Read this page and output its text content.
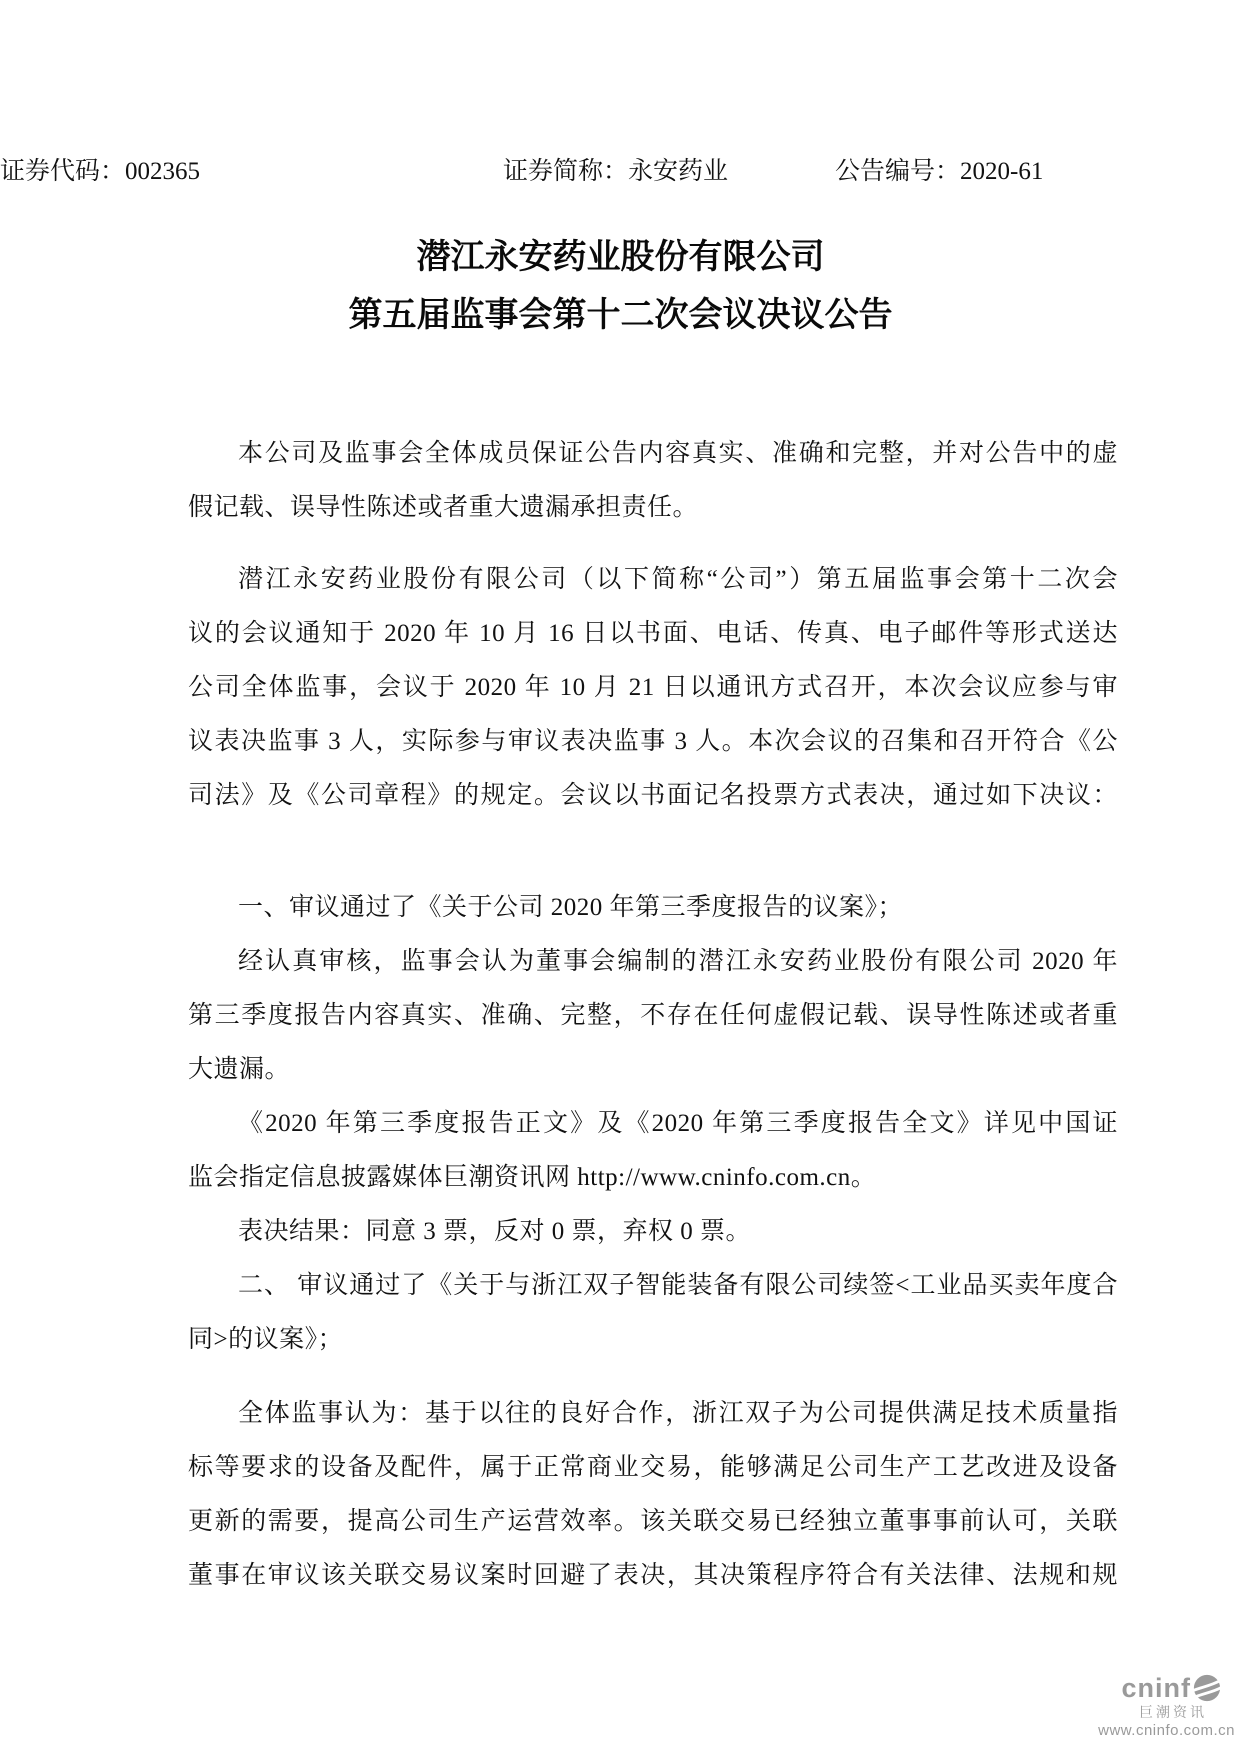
证券代码：002365	证券简称：永安药业	公告编号：2020-61
潜江永安药业股份有限公司
第五届监事会第十二次会议决议公告
本公司及监事会全体成员保证公告内容真实、准确和完整，并对公告中的虚
假记载、误导性陈述或者重大遗漏承担责任。
潜江永安药业股份有限公司（以下简称“公司”）第五届监事会第十二次会
议的会议通知于 2020 年 10 月 16 日以书面、电话、传真、电子邮件等形式送达
公司全体监事，会议于 2020 年 10 月 21 日以通讯方式召开，本次会议应参与审
议表决监事 3 人，实际参与审议表决监事 3 人。本次会议的召集和召开符合《公
司法》及《公司章程》的规定。会议以书面记名投票方式表决，通过如下决议：
一、审议通过了《关于公司 2020 年第三季度报告的议案》；
经认真审核，监事会认为董事会编制的潜江永安药业股份有限公司 2020 年
第三季度报告内容真实、准确、完整，不存在任何虚假记载、误导性陈述或者重
大遗漏。
《2020 年第三季度报告正文》及《2020 年第三季度报告全文》详见中国证
监会指定信息披露媒体巨潮资讯网 http://www.cninfo.com.cn。
表决结果：同意 3 票，反对 0 票，弃权 0 票。
二、 审议通过了《关于与浙江双子智能装备有限公司续签<工业品买卖年度合
同>的议案》；
全体监事认为：基于以往的良好合作，浙江双子为公司提供满足技术质量指
标等要求的设备及配件，属于正常商业交易，能够满足公司生产工艺改进及设备
更新的需要，提高公司生产运营效率。该关联交易已经独立董事事前认可，关联
董事在审议该关联交易议案时回避了表决，其决策程序符合有关法律、法规和规
cninf
巨潮资讯
www.cninfo.com.cn
